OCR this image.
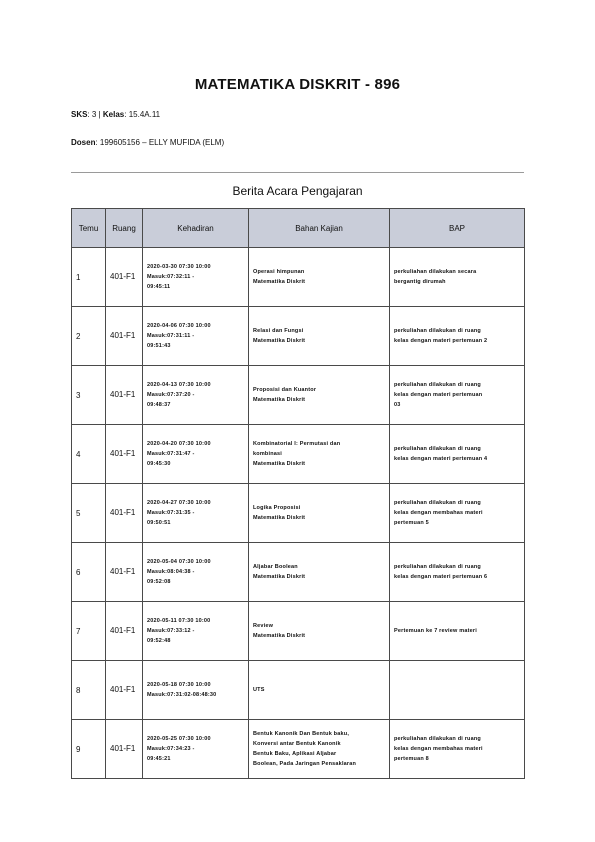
MATEMATIKA DISKRIT - 896
SKS: 3 | Kelas: 15.4A.11
Dosen: 199605156 – ELLY MUFIDA (ELM)
Berita Acara Pengajaran
Temu	Ruang	Kehadiran	Bahan Kajian	BAP
1	401-F1	2020-03-30 07:30 10:00
Masuk:07:32:11 -
09:45:11	Operasi himpunan
Matematika Diskrit	perkuliahan dilakukan secara
bergantig dirumah

2	401-F1	2020-04-06 07:30 10:00
Masuk:07:31:11 -
09:51:43	Relasi dan Fungsi
Matematika Diskrit	perkuliahan dilakukan di ruang
kelas dengan materi pertemuan 2

3	401-F1	2020-04-13 07:30 10:00
Masuk:07:37:20 -
09:48:37	Proposisi dan Kuantor
Matematika Diskrit	perkuliahan dilakukan di ruang
kelas dengan materi pertemuan
03

4	401-F1	2020-04-20 07:30 10:00
Masuk:07:31:47 -
09:45:30	Kombinatorial I: Permutasi dan
kombinasi
Matematika Diskrit	perkuliahan dilakukan di ruang
kelas dengan materi pertemuan 4

5	401-F1	2020-04-27 07:30 10:00
Masuk:07:31:35 -
09:50:51	Logika Proposisi
Matematika Diskrit	perkuliahan dilakukan di ruang
kelas dengan membahas materi
pertemuan 5

6	401-F1	2020-05-04 07:30 10:00
Masuk:08:04:38 -
09:52:08	Aljabar Boolean
Matematika Diskrit	perkuliahan dilakukan di ruang
kelas dengan materi pertemuan 6

7	401-F1	2020-05-11 07:30 10:00
Masuk:07:33:12 -
09:52:48	Review
Matematika Diskrit	Pertemuan ke 7 review materi

8	401-F1	2020-05-18 07:30 10:00
Masuk:07:31:02-08:48:30	UTS	

9	401-F1	2020-05-25 07:30 10:00
Masuk:07:34:23 -
09:45:21	Bentuk Kanonik Dan Bentuk baku,
Konversi antar Bentuk Kanonik
Bentuk Baku, Aplikasi Aljabar
Boolean, Pada Jaringan Pensaklaran	perkuliahan dilakukan di ruang
kelas dengan membahas materi
pertemuan 8
